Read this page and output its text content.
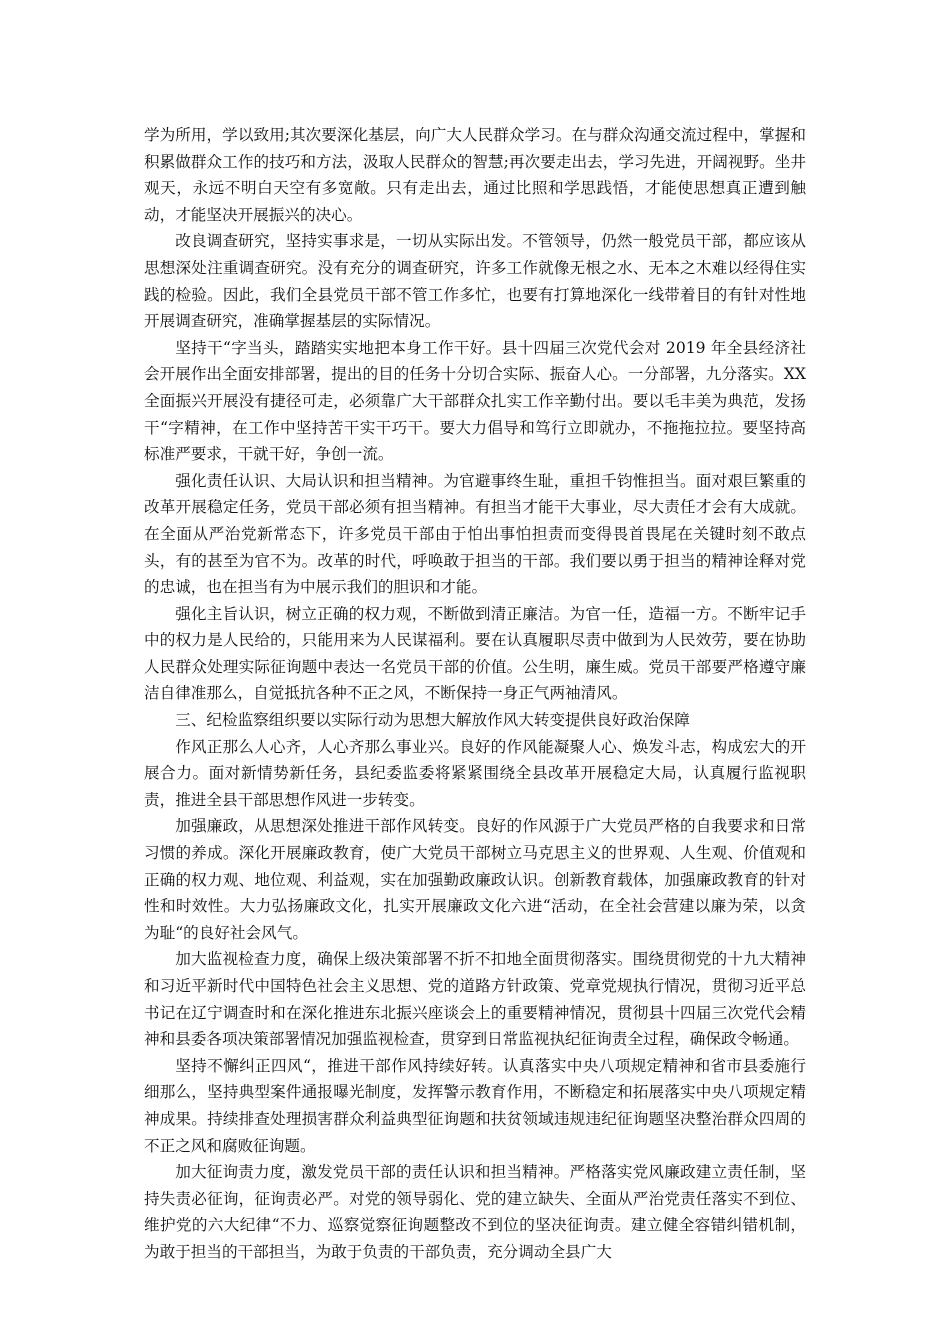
学为所用，学以致用;其次要深化基层，向广大人民群众学习。在与群众沟通交流过程中，掌握和积累做群众工作的技巧和方法，汲取人民群众的智慧;再次要走出去，学习先进，开阔视野。坐井观天，永远不明白天空有多宽敞。只有走出去，通过比照和学思践悟，才能使思想真正遭到触动，才能坚决开展振兴的决心。

改良调查研究，坚持实事求是，一切从实际出发。不管领导，仍然一般党员干部，都应该从思想深处注重调查研究。没有充分的调查研究，许多工作就像无根之水、无本之木难以经得住实践的检验。因此，我们全县党员干部不管工作多忙，也要有打算地深化一线带着目的有针对性地开展调查研究，准确掌握基层的实际情况。

坚持干“字当头，踏踏实实地把本身工作干好。县十四届三次党代会对 2019 年全县经济社会开展作出全面安排部署，提出的目的任务十分切合实际、振奋人心。一分部署，九分落实。XX 全面振兴开展没有捷径可走，必须靠广大干部群众扎实工作辛勤付出。要以毛丰美为典范，发扬干“字精神，在工作中坚持苦干实干巧干。要大力倡导和笃行立即就办，不拖拖拉拉。要坚持高标准严要求，干就干好，争创一流。

强化责任认识、大局认识和担当精神。为官避事终生耻，重担千钧惟担当。面对艰巨繁重的改革开展稳定任务，党员干部必须有担当精神。有担当才能干大事业，尽大责任才会有大成就。在全面从严治党新常态下，许多党员干部由于怕出事怕担责而变得畏首畏尾在关键时刻不敢点头，有的甚至为官不为。改革的时代，呼唤敢于担当的干部。我们要以勇于担当的精神诠释对党的忠诚，也在担当有为中展示我们的胆识和才能。

强化主旨认识，树立正确的权力观，不断做到清正廉洁。为官一任，造福一方。不断牢记手中的权力是人民给的，只能用来为人民谋福利。要在认真履职尽责中做到为人民效劳，要在协助人民群众处理实际征询题中表达一名党员干部的价值。公生明，廉生威。党员干部要严格遵守廉洁自律准那么，自觉抵抗各种不正之风，不断保持一身正气两袖清风。

三、纪检监察组织要以实际行动为思想大解放作风大转变提供良好政治保障

作风正那么人心齐，人心齐那么事业兴。良好的作风能凝聚人心、焕发斗志，构成宏大的开展合力。面对新情势新任务，县纪委监委将紧紧围绕全县改革开展稳定大局，认真履行监视职责，推进全县干部思想作风进一步转变。

加强廉政，从思想深处推进干部作风转变。良好的作风源于广大党员严格的自我要求和日常习惯的养成。深化开展廉政教育，使广大党员干部树立马克思主义的世界观、人生观、价值观和正确的权力观、地位观、利益观，实在加强勤政廉政认识。创新教育载体，加强廉政教育的针对性和时效性。大力弘扬廉政文化，扎实开展廉政文化六进“活动，在全社会营建以廉为荣，以贪为耻“的良好社会风气。

加大监视检查力度，确保上级决策部署不折不扣地全面贯彻落实。围绕贯彻党的十九大精神和习近平新时代中国特色社会主义思想、党的道路方针政策、党章党规执行情况，贯彻习近平总书记在辽宁调查时和在深化推进东北振兴座谈会上的重要精神情况，贯彻县十四届三次党代会精神和县委各项决策部署情况加强监视检查，贯穿到日常监视执纪征询责全过程，确保政令畅通。

坚持不懈纠正四风“，推进干部作风持续好转。认真落实中央八项规定精神和省市县委施行细那么，坚持典型案件通报曝光制度，发挥警示教育作用，不断稳定和拓展落实中央八项规定精神成果。持续排查处理损害群众利益典型征询题和扶贫领域违规违纪征询题坚决整治群众四周的不正之风和腐败征询题。

加大征询责力度，激发党员干部的责任认识和担当精神。严格落实党风廉政建立责任制，坚持失责必征询，征询责必严。对党的领导弱化、党的建立缺失、全面从严治党责任落实不到位、维护党的六大纪律“不力、巡察觉察征询题整改不到位的坚决征询责。建立健全容错纠错机制，为敢于担当的干部担当，为敢于负责的干部负责，充分调动全县广大
